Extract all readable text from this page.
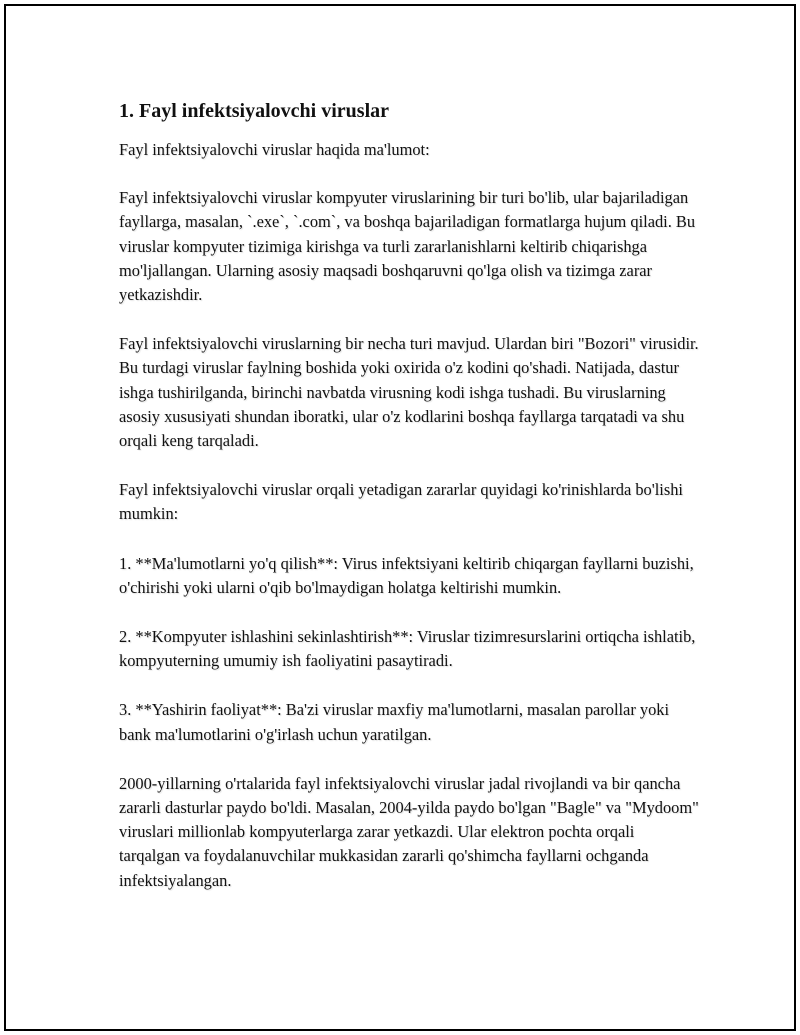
1. Fayl infektsiyalovchi viruslar

Fayl infektsiyalovchi viruslar haqida ma'lumot:

Fayl infektsiyalovchi viruslar kompyuter viruslarining bir turi bo'lib, ular bajariladigan fayllarga, masalan, `.exe`, `.com`, va boshqa bajariladigan formatlarga hujum qiladi. Bu viruslar kompyuter tizimiga kirishga va turli zararlanishlarni keltirib chiqarishga mo'ljallangan. Ularning asosiy maqsadi boshqaruvni qo'lga olish va tizimga zarar yetkazishdir.

Fayl infektsiyalovchi viruslarning bir necha turi mavjud. Ulardan biri "Bozori" virusidir. Bu turdagi viruslar faylning boshida yoki oxirida o'z kodini qo'shadi. Natijada, dastur ishga tushirilganda, birinchi navbatda virusning kodi ishga tushadi. Bu viruslarning asosiy xususiyati shundan iboratki, ular o'z kodlarini boshqa fayllarga tarqatadi va shu orqali keng tarqaladi.

Fayl infektsiyalovchi viruslar orqali yetadigan zararlar quyidagi ko'rinishlarda bo'lishi mumkin:

1. **Ma'lumotlarni yo'q qilish**: Virus infektsiyani keltirib chiqargan fayllarni buzishi, o'chirishi yoki ularni o'qib bo'lmaydigan holatga keltirishi mumkin.

2. **Kompyuter ishlashini sekinlashtirish**: Viruslar tizimresurslarini ortiqcha ishlatib, kompyuterning umumiy ish faoliyatini pasaytiradi.

3. **Yashirin faoliyat**: Ba'zi viruslar maxfiy ma'lumotlarni, masalan parollar yoki bank ma'lumotlarini o'g'irlash uchun yaratilgan.

2000-yillarning o'rtalarida fayl infektsiyalovchi viruslar jadal rivojlandi va bir qancha zararli dasturlar paydo bo'ldi. Masalan, 2004-yilda paydo bo'lgan "Bagle" va "Mydoom" viruslari millionlab kompyuterlarga zarar yetkazdi. Ular elektron pochta orqali tarqalgan va foydalanuvchilar mukkasidan zararli qo'shimcha fayllarni ochganda infektsiyalangan.
